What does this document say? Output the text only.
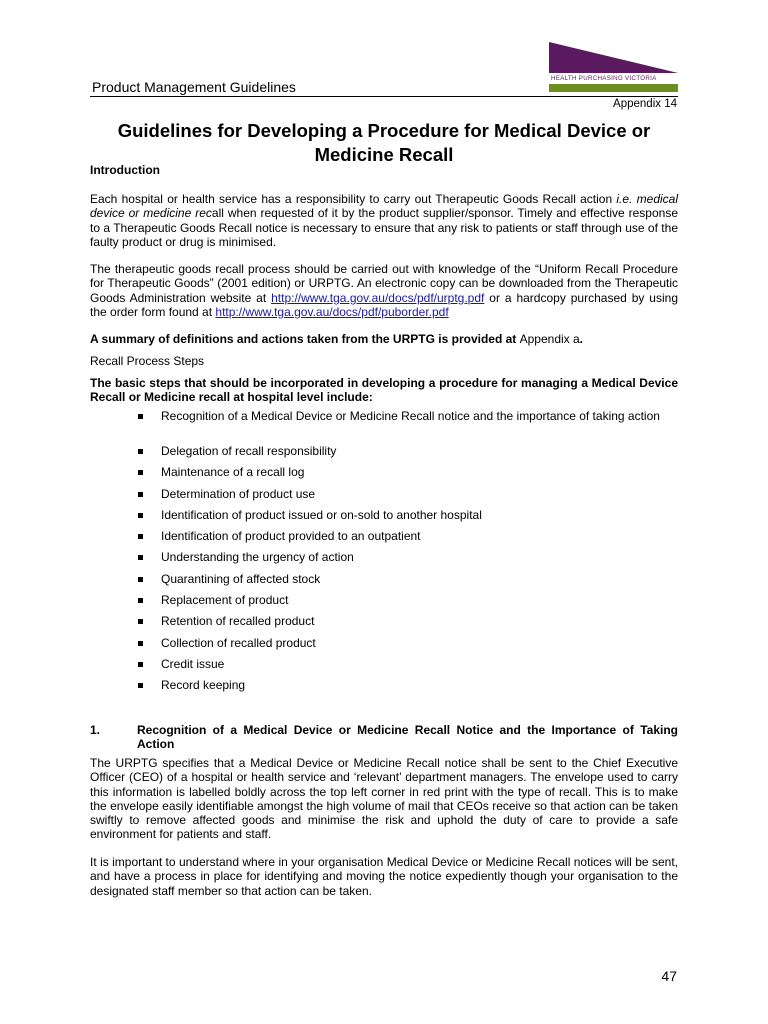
Product Management Guidelines
HEALTH PURCHASING VICTORIA
Appendix 14
Guidelines for Developing a Procedure for Medical Device or Medicine Recall
Introduction
Each hospital or health service has a responsibility to carry out Therapeutic Goods Recall action i.e. medical device or medicine recall when requested of it by the product supplier/sponsor. Timely and effective response to a Therapeutic Goods Recall notice is necessary to ensure that any risk to patients or staff through use of the faulty product or drug is minimised.
The therapeutic goods recall process should be carried out with knowledge of the “Uniform Recall Procedure for Therapeutic Goods” (2001 edition) or URPTG. An electronic copy can be downloaded from the Therapeutic Goods Administration website at http://www.tga.gov.au/docs/pdf/urptg.pdf or a hardcopy purchased by using the order form found at http://www.tga.gov.au/docs/pdf/puborder.pdf
A summary of definitions and actions taken from the URPTG is provided at Appendix a.
Recall Process Steps
The basic steps that should be incorporated in developing a procedure for managing a Medical Device Recall or Medicine recall at hospital level include:
Recognition of a Medical Device or Medicine Recall notice and the importance of taking action
Delegation of recall responsibility
Maintenance of a recall log
Determination of product use
Identification of product issued or on-sold to another hospital
Identification of product provided to an outpatient
Understanding the urgency of action
Quarantining of affected stock
Replacement of product
Retention of recalled product
Collection of recalled product
Credit issue
Record keeping
1.	Recognition of a Medical Device or Medicine Recall Notice and the Importance of Taking Action
The URPTG specifies that a Medical Device or Medicine Recall notice shall be sent to the Chief Executive Officer (CEO) of a hospital or health service and ‘relevant’ department managers. The envelope used to carry this information is labelled boldly across the top left corner in red print with the type of recall. This is to make the envelope easily identifiable amongst the high volume of mail that CEOs receive so that action can be taken swiftly to remove affected goods and minimise the risk and uphold the duty of care to provide a safe environment for patients and staff.
It is important to understand where in your organisation Medical Device or Medicine Recall notices will be sent, and have a process in place for identifying and moving the notice expediently though your organisation to the designated staff member so that action can be taken.
47
